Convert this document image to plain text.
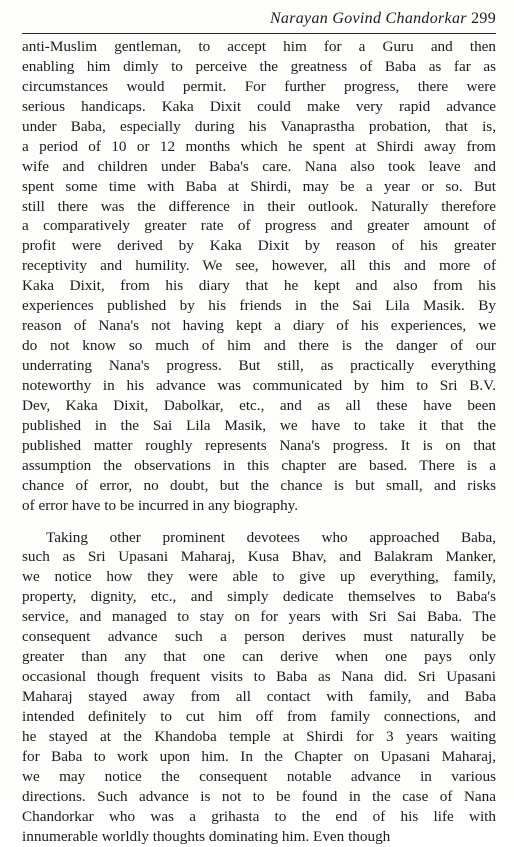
Narayan Govind Chandorkar 299
anti-Muslim gentleman, to accept him for a Guru and then
enabling him dimly to perceive the greatness of Baba as far as
circumstances would permit. For further progress, there were
serious handicaps. Kaka Dixit could make very rapid advance
under Baba, especially during his Vanaprastha probation, that is,
a period of 10 or 12 months which he spent at Shirdi away from
wife and children under Baba's care. Nana also took leave and
spent some time with Baba at Shirdi, may be a year or so. But
still there was the difference in their outlook. Naturally therefore
a comparatively greater rate of progress and greater amount of
profit were derived by Kaka Dixit by reason of his greater
receptivity and humility. We see, however, all this and more of
Kaka Dixit, from his diary that he kept and also from his
experiences published by his friends in the Sai Lila Masik. By
reason of Nana's not having kept a diary of his experiences, we
do not know so much of him and there is the danger of our
underrating Nana's progress. But still, as practically everything
noteworthy in his advance was communicated by him to Sri B.V.
Dev, Kaka Dixit, Dabolkar, etc., and as all these have been
published in the Sai Lila Masik, we have to take it that the
published matter roughly represents Nana's progress. It is on that
assumption the observations in this chapter are based. There is a
chance of error, no doubt, but the chance is but small, and risks
of error have to be incurred in any biography.
Taking other prominent devotees who approached Baba,
such as Sri Upasani Maharaj, Kusa Bhav, and Balakram Manker,
we notice how they were able to give up everything, family,
property, dignity, etc., and simply dedicate themselves to Baba's
service, and managed to stay on for years with Sri Sai Baba. The
consequent advance such a person derives must naturally be
greater than any that one can derive when one pays only
occasional though frequent visits to Baba as Nana did. Sri Upasani
Maharaj stayed away from all contact with family, and Baba
intended definitely to cut him off from family connections, and
he stayed at the Khandoba temple at Shirdi for 3 years waiting
for Baba to work upon him. In the Chapter on Upasani Maharaj,
we may notice the consequent notable advance in various
directions. Such advance is not to be found in the case of Nana
Chandorkar who was a grihasta to the end of his life with
innumerable worldly thoughts dominating him. Even though
